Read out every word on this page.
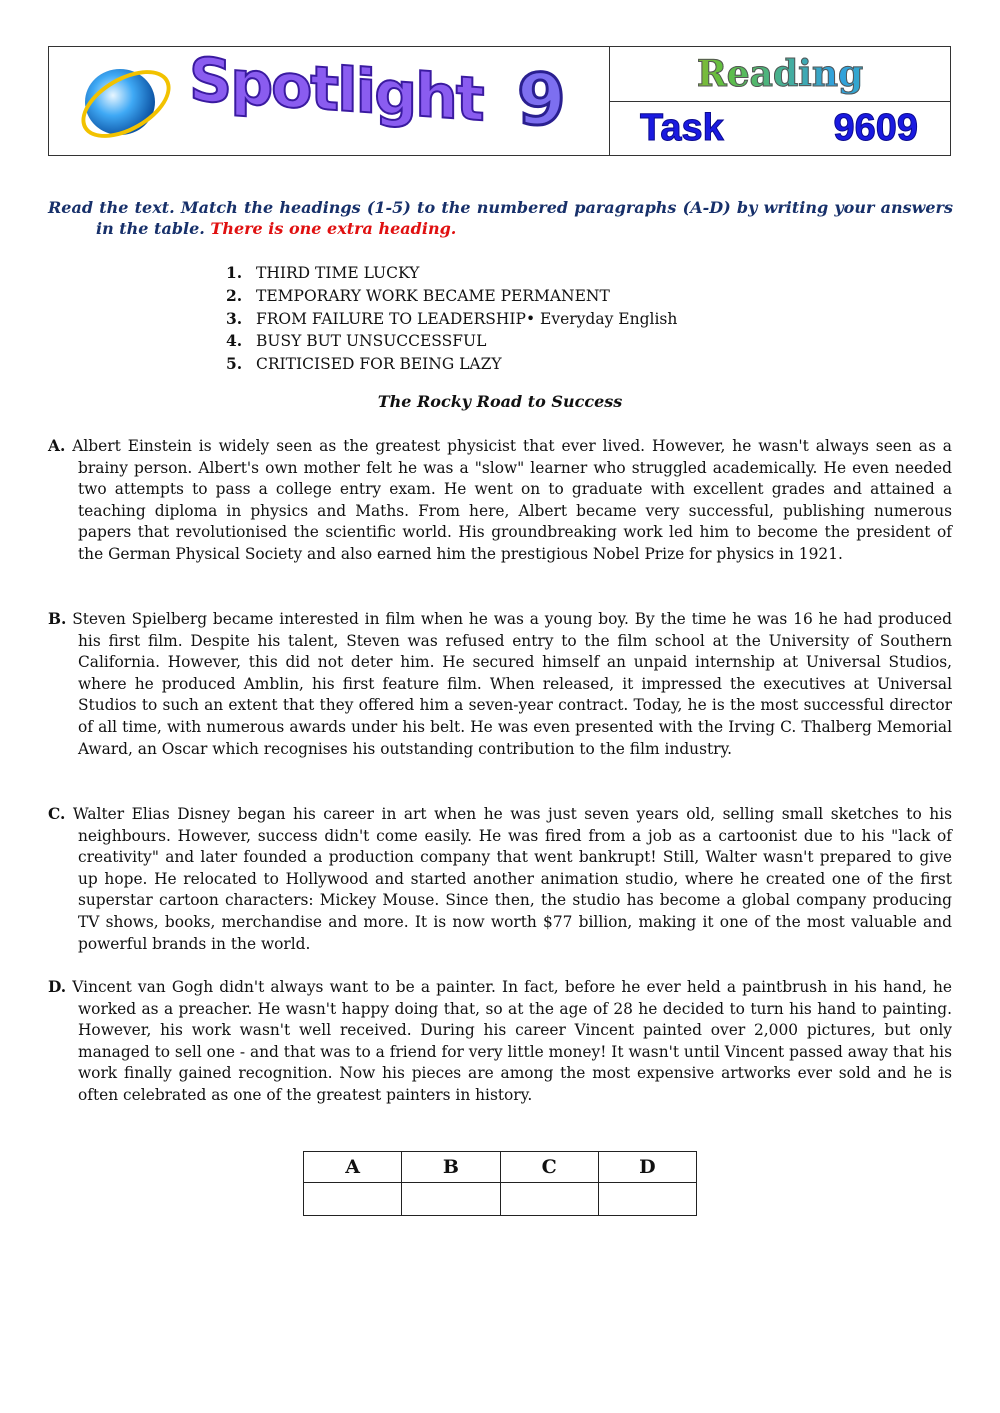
Spotlight 9	Reading
Task	9609
Read the text. Match the headings (1-5) to the numbered paragraphs (A-D) by writing your answers in the table. There is one extra heading.
1. THIRD TIME LUCKY
2. TEMPORARY WORK BECAME PERMANENT
3. FROM FAILURE TO LEADERSHIP• Everyday English
4. BUSY BUT UNSUCCESSFUL
5. CRITICISED FOR BEING LAZY
The Rocky Road to Success
A. Albert Einstein is widely seen as the greatest physicist that ever lived. However, he wasn't always seen as a brainy person. Albert's own mother felt he was a "slow" learner who struggled academically. He even needed two attempts to pass a college entry exam. He went on to graduate with excellent grades and attained a teaching diploma in physics and Maths. From here, Albert became very successful, publishing numerous papers that revolutionised the scientific world. His groundbreaking work led him to become the president of the German Physical Society and also earned him the prestigious Nobel Prize for physics in 1921.
B. Steven Spielberg became interested in film when he was a young boy. By the time he was 16 he had produced his first film. Despite his talent, Steven was refused entry to the film school at the University of Southern California. However, this did not deter him. He secured himself an unpaid internship at Universal Studios, where he produced Amblin, his first feature film. When released, it impressed the executives at Universal Studios to such an extent that they offered him a seven-year contract. Today, he is the most successful director of all time, with numerous awards under his belt. He was even presented with the Irving C. Thalberg Memorial Award, an Oscar which recognises his outstanding contribution to the film industry.
C. Walter Elias Disney began his career in art when he was just seven years old, selling small sketches to his neighbours. However, success didn't come easily. He was fired from a job as a cartoonist due to his "lack of creativity" and later founded a production company that went bankrupt! Still, Walter wasn't prepared to give up hope. He relocated to Hollywood and started another animation studio, where he created one of the first superstar cartoon characters: Mickey Mouse. Since then, the studio has become a global company producing TV shows, books, merchandise and more. It is now worth $77 billion, making it one of the most valuable and powerful brands in the world.
D. Vincent van Gogh didn't always want to be a painter. In fact, before he ever held a paintbrush in his hand, he worked as a preacher. He wasn't happy doing that, so at the age of 28 he decided to turn his hand to painting. However, his work wasn't well received. During his career Vincent painted over 2,000 pictures, but only managed to sell one - and that was to a friend for very little money! It wasn't until Vincent passed away that his work finally gained recognition. Now his pieces are among the most expensive artworks ever sold and he is often celebrated as one of the greatest painters in history.
A	B	C	D
